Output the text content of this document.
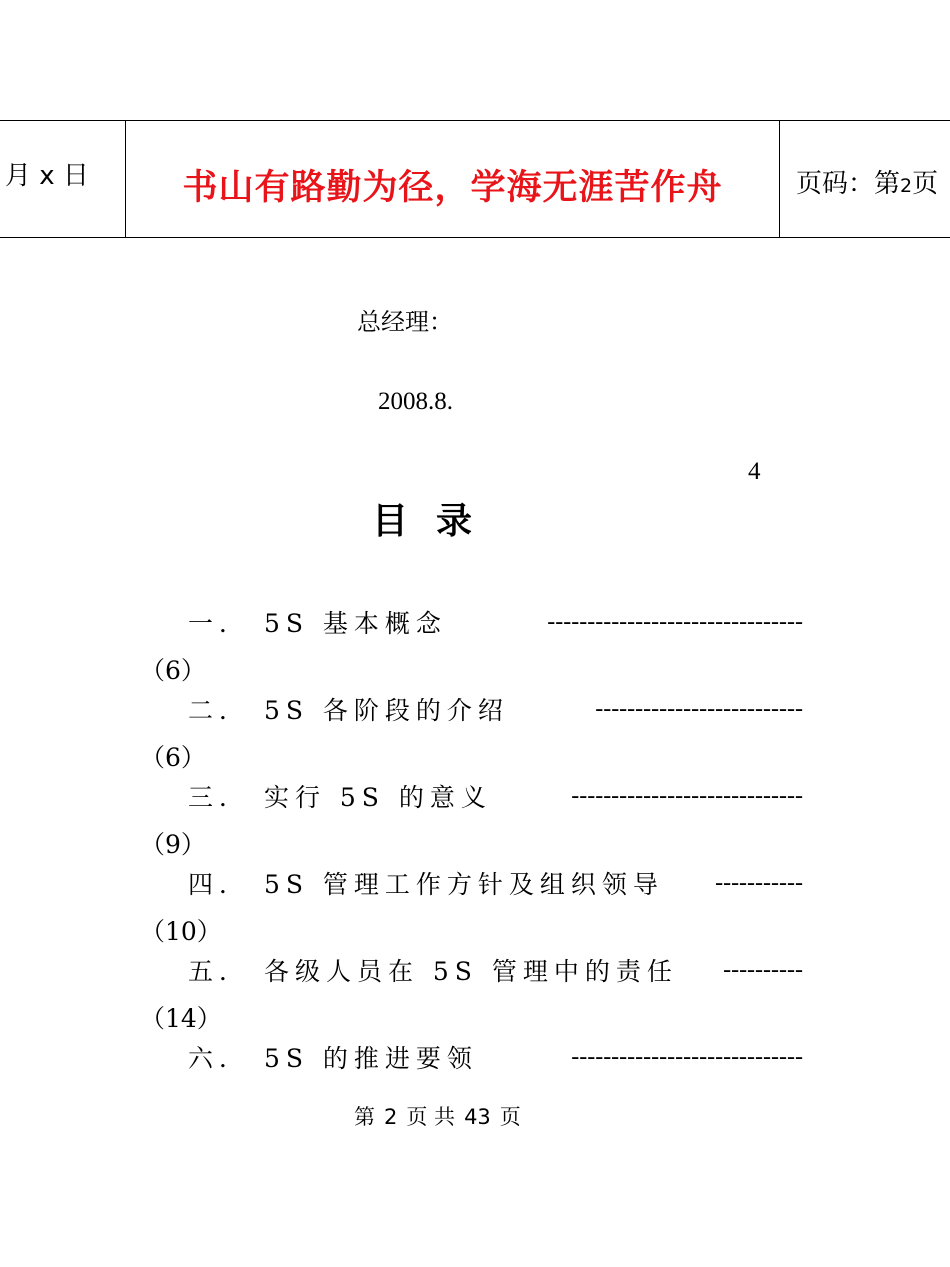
月 x 日	书山有路勤为径，学海无涯苦作舟	页码：第2页
总经理：
2008.8.
4
目录
一． 5S 基本概念	--------------------------------
（6）
二． 5S 各阶段的介绍	--------------------------
（6）
三． 实行 5S 的意义	-----------------------------
（9）
四． 5S 管理工作方针及组织领导	-----------
（10）
五． 各级人员在 5S 管理中的责任	----------
（14）
六． 5S 的推进要领	-----------------------------
第 2 页 共 43 页
